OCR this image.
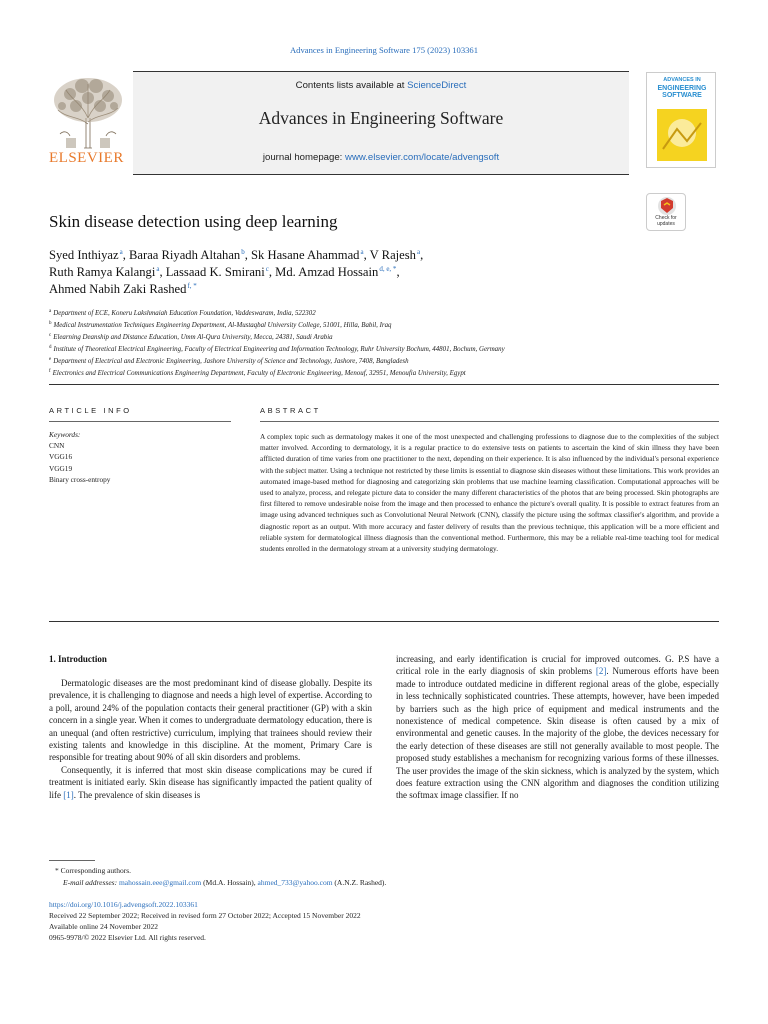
Advances in Engineering Software 175 (2023) 103361
ELSEVIER
Contents lists available at ScienceDirect
Advances in Engineering Software
journal homepage: www.elsevier.com/locate/advengsoft
ADVANCES IN
ENGINEERING
SOFTWARE
Skin disease detection using deep learning	Check for
updates
Syed Inthiyaz$^a$, Baraa Riyadh Altahan$^b$, Sk Hasane Ahammad$^a$, V Rajesh$^a$,
Ruth Ramya Kalangi$^a$, Lassaad K. Smirani$^c$, Md. Amzad Hossain$^{d, e, *}$,
Ahmed Nabih Zaki Rashed$^{f, *}$
$^a$ Department of ECE, Koneru Lakshmaiah Education Foundation, Vaddeswaram, India, 522302
$^b$ Medical Instrumentation Techniques Engineering Department, Al-Mustaqbal University College, 51001, Hilla, Babil, Iraq
$^c$ Elearning Deanship and Distance Education, Umm Al-Qura University, Mecca, 24381, Saudi Arabia
$^d$ Institute of Theoretical Electrical Engineering, Faculty of Electrical Engineering and Information Technology, Ruhr University Bochum, 44801, Bochum, Germany
$^e$ Department of Electrical and Electronic Engineering, Jashore University of Science and Technology, Jashore, 7408, Bangladesh
$^f$ Electronics and Electrical Communications Engineering Department, Faculty of Electronic Engineering, Menouf, 32951, Menoufia University, Egypt
ARTICLE INFO	ABSTRACT
Keywords:
CNN
VGG16
VGG19
Binary cross-entropy
A complex topic such as dermatology makes it one of the most unexpected and challenging professions to diagnose due to the complexities of the subject matter involved. According to dermatology, it is a regular practice to do extensive tests on patients to ascertain the kind of skin illness they have been afflicted duration of time varies from one practitioner to the next, depending on their experience. It is also influenced by the individual's personal experience with the subject matter. Using a technique not restricted by these limits is essential to diagnose skin diseases without these limitations. This work provides an automated image-based method for diagnosing and categorizing skin problems that use machine learning classification. Computational approaches will be used to analyze, process, and relegate picture data to consider the many different characteristics of the photos that are being processed. Skin photographs are first filtered to remove undesirable noise from the image and then processed to enhance the picture's overall quality. It is possible to extract features from an image using advanced techniques such as Convolutional Neural Network (CNN), classify the picture using the softmax classifier's algorithm, and provide a diagnostic report as an output. With more accuracy and faster delivery of results than the previous technique, this application will be a more efficient and reliable system for dermatological illness diagnosis than the conventional method. Furthermore, this may be a reliable real-time teaching tool for medical students enrolled in the dermatology stream at a university studying dermatology.
1. Introduction

Dermatologic diseases are the most predominant kind of disease globally. Despite its prevalence, it is challenging to diagnose and needs a high level of expertise. According to a poll, around 24% of the population contacts their general practitioner (GP) with a skin concern in a single year. When it comes to undergraduate dermatology education, there is an unequal (and often restrictive) curriculum, implying that trainees should review their existing talents and knowledge in this discipline. At the moment, Primary Care is responsible for treating about 90% of all skin disorders and problems.

Consequently, it is inferred that most skin disease complications may be cured if treatment is initiated early. Skin disease has significantly impacted the patient quality of life [1]. The prevalence of skin diseases is

increasing, and early identification is crucial for improved outcomes. G. P.S have a critical role in the early diagnosis of skin problems [2]. Numerous efforts have been made to introduce outdated medicine in different regional areas of the globe, especially in less technically sophisticated countries. These attempts, however, have been impeded by barriers such as the high price of equipment and medical instruments and the nonexistence of medical competence. Skin disease is often caused by a mix of environmental and genetic causes. In the majority of the globe, the devices necessary for the early detection of these diseases are still not generally available to most people. The proposed study establishes a mechanism for recognizing various forms of these illnesses. The user provides the image of the skin sickness, which is analyzed by the system, which does feature extraction using the CNN algorithm and diagnoses the condition utilizing the softmax image classifier. If no

* Corresponding authors.
E-mail addresses: mahossain.eee@gmail.com (Md.A. Hossain), ahmed_733@yahoo.com (A.N.Z. Rashed).
https://doi.org/10.1016/j.advengsoft.2022.103361
Received 22 September 2022; Received in revised form 27 October 2022; Accepted 15 November 2022
Available online 24 November 2022
0965-9978/© 2022 Elsevier Ltd. All rights reserved.
